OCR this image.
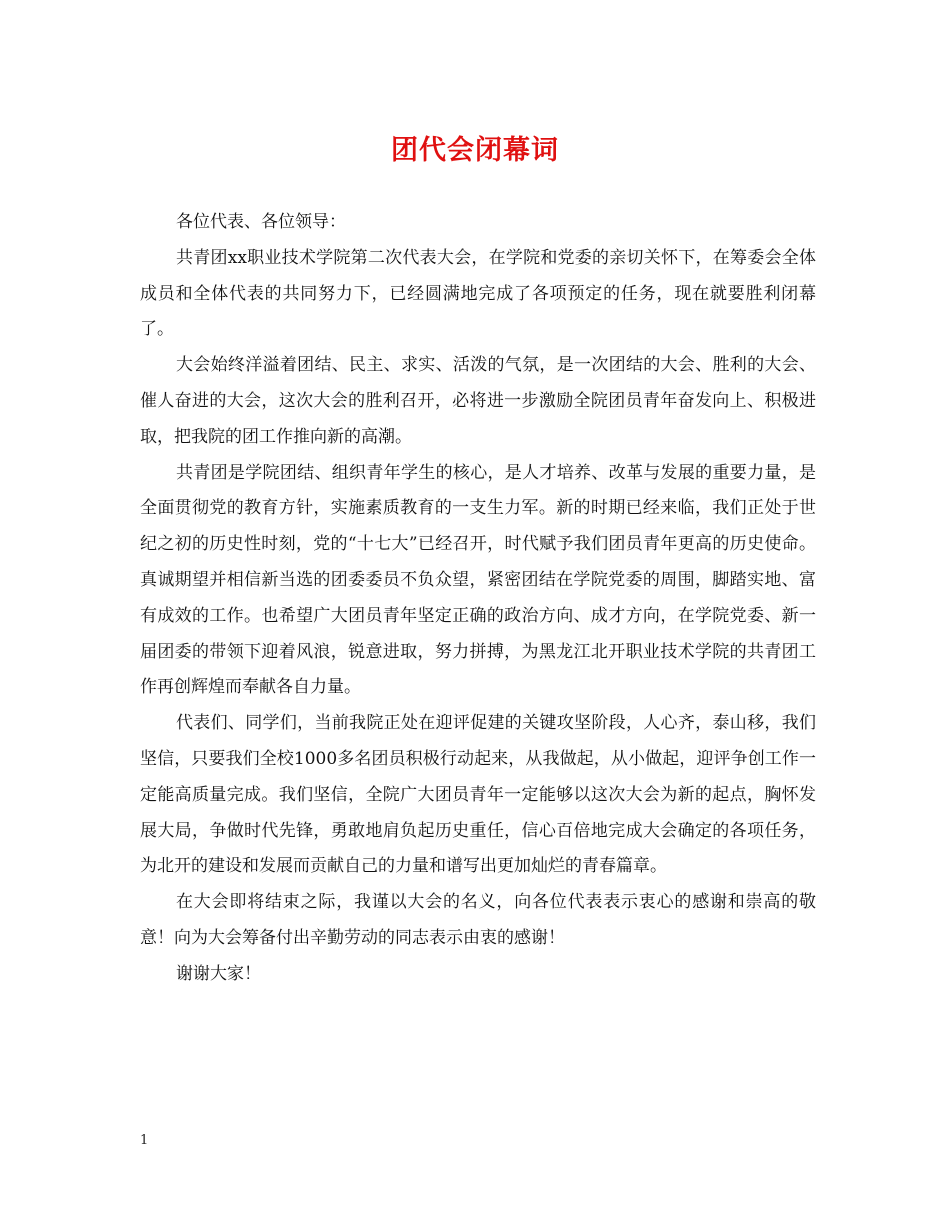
团代会闭幕词

各位代表、各位领导：

共青团xx职业技术学院第二次代表大会，在学院和党委的亲切关怀下，在筹委会全体成员和全体代表的共同努力下，已经圆满地完成了各项预定的任务，现在就要胜利闭幕了。

大会始终洋溢着团结、民主、求实、活泼的气氛，是一次团结的大会、胜利的大会、催人奋进的大会，这次大会的胜利召开，必将进一步激励全院团员青年奋发向上、积极进取，把我院的团工作推向新的高潮。

共青团是学院团结、组织青年学生的核心，是人才培养、改革与发展的重要力量，是全面贯彻党的教育方针，实施素质教育的一支生力军。新的时期已经来临，我们正处于世纪之初的历史性时刻，党的“十七大”已经召开，时代赋予我们团员青年更高的历史使命。真诚期望并相信新当选的团委委员不负众望，紧密团结在学院党委的周围，脚踏实地、富有成效的工作。也希望广大团员青年坚定正确的政治方向、成才方向，在学院党委、新一届团委的带领下迎着风浪，锐意进取，努力拼搏，为黑龙江北开职业技术学院的共青团工作再创辉煌而奉献各自力量。

代表们、同学们，当前我院正处在迎评促建的关键攻坚阶段，人心齐，泰山移，我们坚信，只要我们全校1000多名团员积极行动起来，从我做起，从小做起，迎评争创工作一定能高质量完成。我们坚信，全院广大团员青年一定能够以这次大会为新的起点，胸怀发展大局，争做时代先锋，勇敢地肩负起历史重任，信心百倍地完成大会确定的各项任务，为北开的建设和发展而贡献自己的力量和谱写出更加灿烂的青春篇章。

在大会即将结束之际，我谨以大会的名义，向各位代表表示衷心的感谢和崇高的敬意！向为大会筹备付出辛勤劳动的同志表示由衷的感谢！

谢谢大家！

1
